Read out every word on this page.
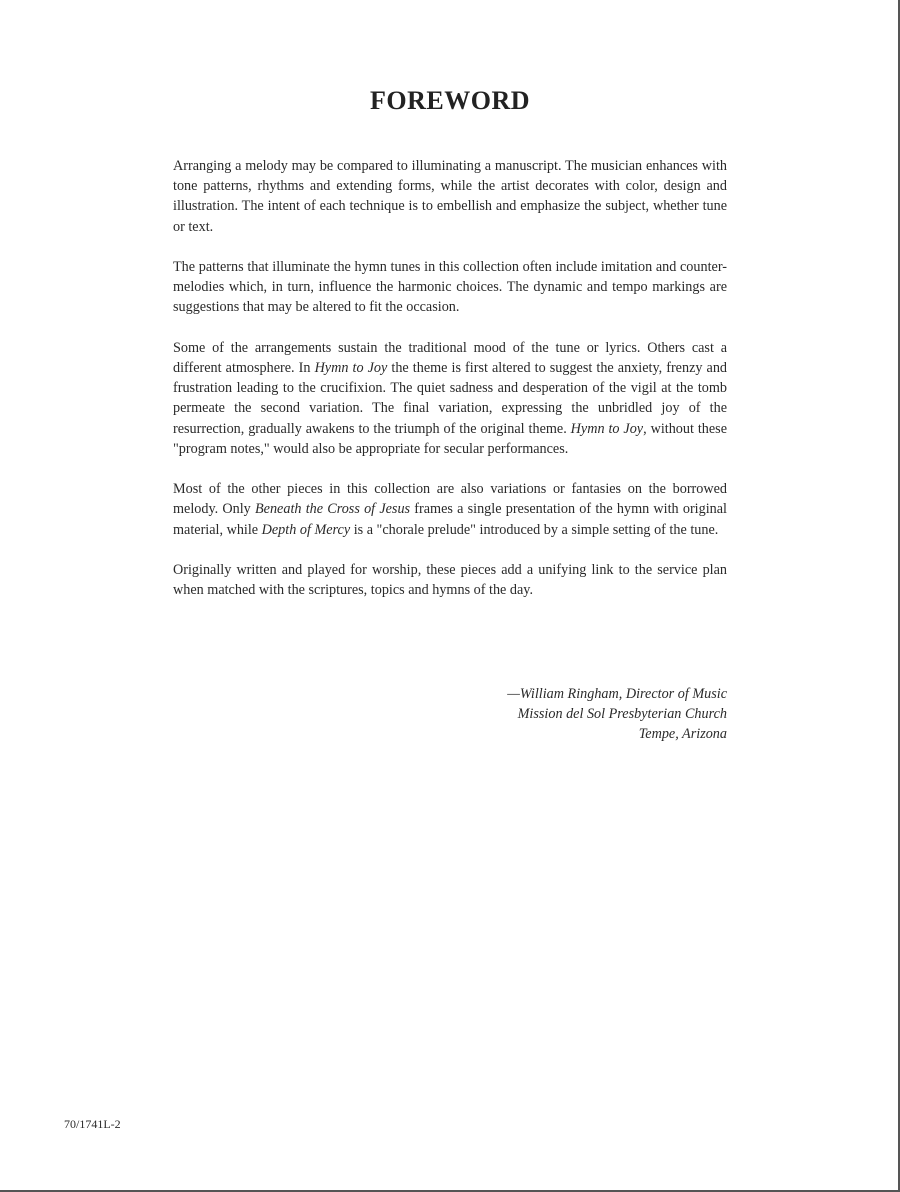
FOREWORD

Arranging a melody may be compared to illuminating a manuscript. The musician enhances with tone patterns, rhythms and extending forms, while the artist decorates with color, design and illustration. The intent of each technique is to embellish and emphasize the subject, whether tune or text.

The patterns that illuminate the hymn tunes in this collection often include imitation and counter-melodies which, in turn, influence the harmonic choices. The dynamic and tempo markings are suggestions that may be altered to fit the occasion.

Some of the arrangements sustain the traditional mood of the tune or lyrics. Others cast a different atmosphere. In Hymn to Joy the theme is first altered to suggest the anxiety, frenzy and frustration leading to the crucifixion. The quiet sadness and desperation of the vigil at the tomb permeate the second variation. The final variation, expressing the unbridled joy of the resurrection, gradually awakens to the triumph of the original theme. Hymn to Joy, without these "program notes," would also be appropriate for secular performances.

Most of the other pieces in this collection are also variations or fantasies on the borrowed melody. Only Beneath the Cross of Jesus frames a single presentation of the hymn with original material, while Depth of Mercy is a "chorale prelude" introduced by a simple setting of the tune.

Originally written and played for worship, these pieces add a unifying link to the service plan when matched with the scriptures, topics and hymns of the day.

—William Ringham, Director of Music
Mission del Sol Presbyterian Church
Tempe, Arizona
70/1741L-2
